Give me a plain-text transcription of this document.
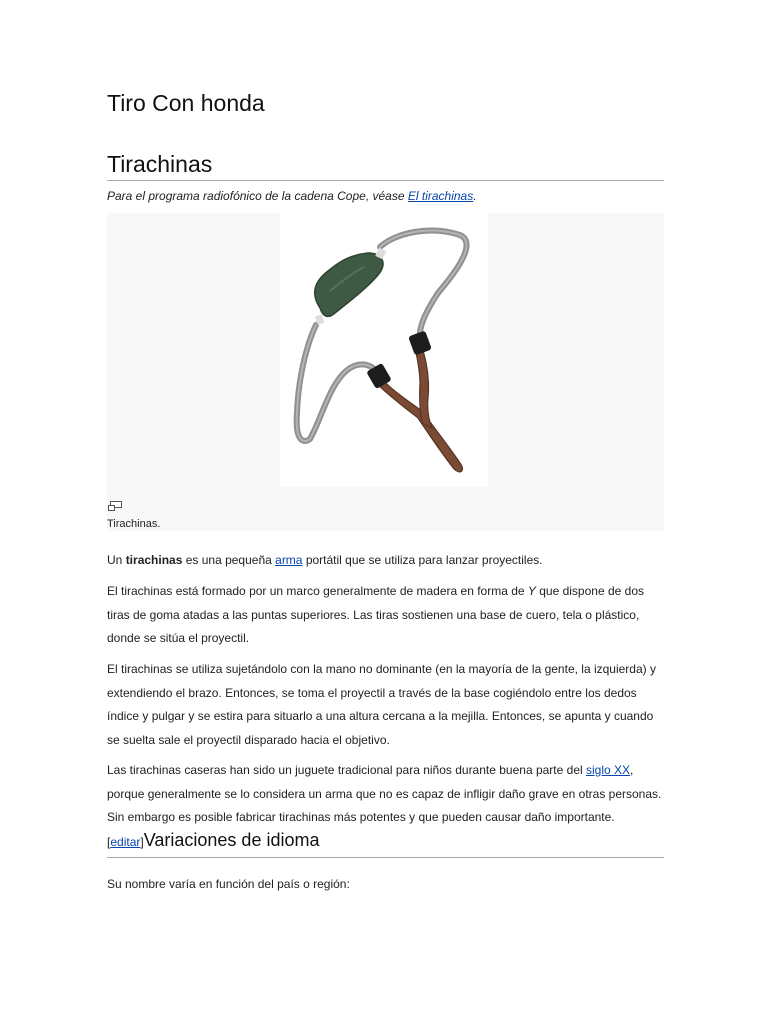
Tiro Con honda
Tirachinas

Para el programa radiofónico de la cadena Cope, véase El tirachinas.

Tirachinas.

Un tirachinas es una pequeña arma portátil que se utiliza para lanzar proyectiles.

El tirachinas está formado por un marco generalmente de madera en forma de Y que dispone de dos tiras de goma atadas a las puntas superiores. Las tiras sostienen una base de cuero, tela o plástico, donde se sitúa el proyectil.

El tirachinas se utiliza sujetándolo con la mano no dominante (en la mayoría de la gente, la izquierda) y extendiendo el brazo. Entonces, se toma el proyectil a través de la base cogiéndolo entre los dedos índice y pulgar y se estira para situarlo a una altura cercana a la mejilla. Entonces, se apunta y cuando se suelta sale el proyectil disparado hacia el objetivo.

Las tirachinas caseras han sido un juguete tradicional para niños durante buena parte del siglo XX, porque generalmente se lo considera un arma que no es capaz de infligir daño grave en otras personas. Sin embargo es posible fabricar tirachinas más potentes y que pueden causar daño importante.

[editar]Variaciones de idioma

Su nombre varía en función del país o región:
